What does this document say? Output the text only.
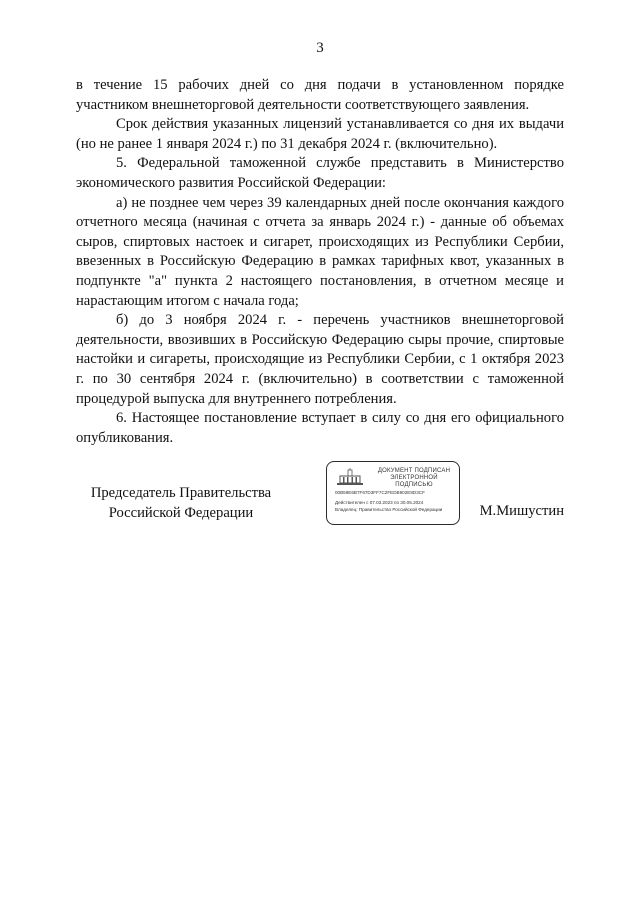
3

в течение 15 рабочих дней со дня подачи в установленном порядке участником внешнеторговой деятельности соответствующего заявления.

Срок действия указанных лицензий устанавливается со дня их выдачи (но не ранее 1 января 2024 г.) по 31 декабря 2024 г. (включительно).

5. Федеральной таможенной службе представить в Министерство экономического развития Российской Федерации:

а) не позднее чем через 39 календарных дней после окончания каждого отчетного месяца (начиная с отчета за январь 2024 г.) - данные об объемах сыров, спиртовых настоек и сигарет, происходящих из Республики Сербии, ввезенных в Российскую Федерацию в рамках тарифных квот, указанных в подпункте "а" пункта 2 настоящего постановления, в отчетном месяце и нарастающим итогом с начала года;

б) до 3 ноября 2024 г. - перечень участников внешнеторговой деятельности, ввозивших в Российскую Федерацию сыры прочие, спиртовые настойки и сигареты, происходящие из Республики Сербии, с 1 октября 2023 г. по 30 сентября 2024 г. (включительно) в соответствии с таможенной процедурой выпуска для внутреннего потребления.

6. Настоящее постановление вступает в силу со дня его официального опубликования.

Председатель Правительства
Российской Федерации
ДОКУМЕНТ ПОДПИСАН
ЭЛЕКТРОННОЙ ПОДПИСЬЮ
00B59E6B7F67D3FF7C2FEDB902E8D3CF
Действителен с 07.03.2023 по 30.05.2024
Владелец: Правительство Российской Федерации	М.Мишустин
